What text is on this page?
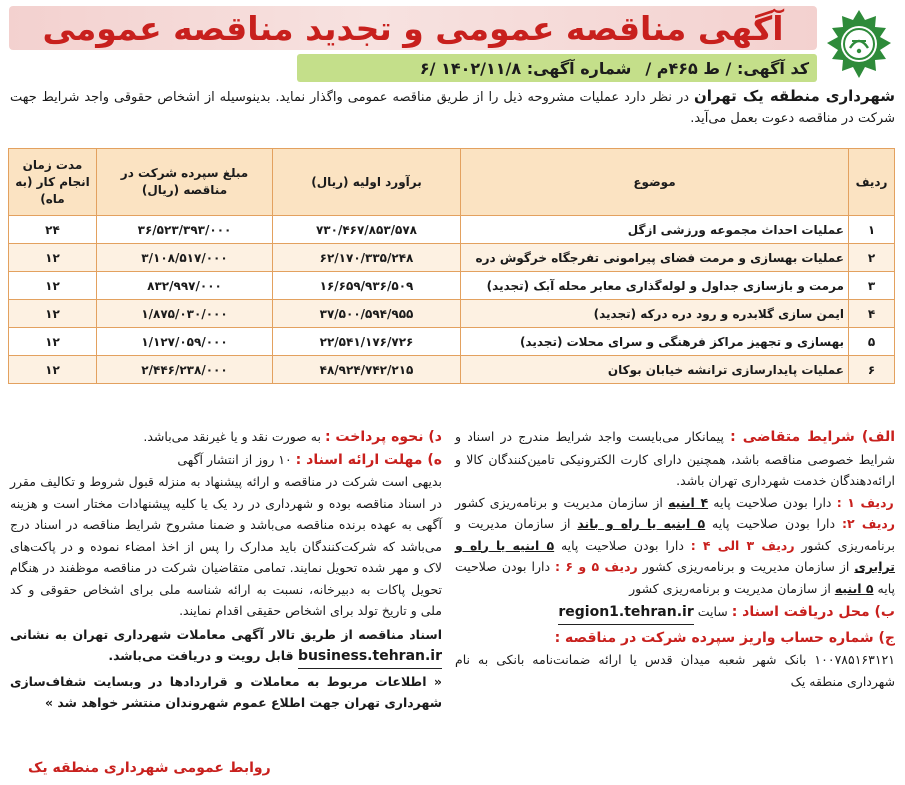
آگهی مناقصه عمومی و تجدید مناقصه عمومی
کد آگهی: / ط ۴۶۵م /
شماره آگهی: ۱۴۰۲/۱۱/۸ /۶
شهرداری منطقه یک تهران در نظر دارد عملیات مشروحه ذیل را از طریق مناقصه عمومی واگذار نماید. بدینوسیله از اشخاص حقوقی واجد شرایط جهت شرکت در مناقصه دعوت بعمل می‌آید.
ردیف	موضوع	برآورد اولیه (ریال)	مبلغ سپرده شرکت در مناقصه (ریال)	مدت زمان انجام کار (به ماه)
۱	عملیات احداث مجموعه ورزشی ازگل	۷۳۰/۴۶۷/۸۵۳/۵۷۸	۳۶/۵۲۳/۳۹۳/۰۰۰	۲۴
۲	عملیات بهسازی و مرمت فضای پیرامونی تفرجگاه خرگوش دره	۶۲/۱۷۰/۳۳۵/۲۴۸	۳/۱۰۸/۵۱۷/۰۰۰	۱۲
۳	مرمت و بازسازی جداول و لوله‌گذاری معابر محله آبک (تجدید)	۱۶/۶۵۹/۹۳۶/۵۰۹	۸۳۲/۹۹۷/۰۰۰	۱۲
۴	ایمن سازی گلابدره و رود دره درکه (تجدید)	۳۷/۵۰۰/۵۹۴/۹۵۵	۱/۸۷۵/۰۳۰/۰۰۰	۱۲
۵	بهسازی و تجهیز مراکز فرهنگی و سرای محلات (تجدید)	۲۲/۵۴۱/۱۷۶/۷۲۶	۱/۱۲۷/۰۵۹/۰۰۰	۱۲
۶	عملیات پایدارسازی ترانشه خیابان بوکان	۴۸/۹۲۴/۷۴۲/۲۱۵	۲/۴۴۶/۲۳۸/۰۰۰	۱۲
الف) شرایط متقاضی : پیمانکار می‌بایست واجد شرایط مندرج در اسناد و شرایط خصوصی مناقصه باشد، همچنین دارای کارت الکترونیکی تامین‌کنندگان کالا و ارائه‌دهندگان خدمت شهرداری تهران باشد.
ردیف ۱ : دارا بودن صلاحیت پایه ۴ ابنیه از سازمان مدیریت و برنامه‌ریزی کشور ردیف ۲: دارا بودن صلاحیت پایه ۵ ابنیه یا راه و باند از سازمان مدیریت و برنامه‌ریزی کشور ردیف ۳ الی ۴ : دارا بودن صلاحیت پایه ۵ ابنیه یا راه و ترابری از سازمان مدیریت و برنامه‌ریزی کشور ردیف ۵ و ۶ : دارا بودن صلاحیت پایه ۵ ابنیه از سازمان مدیریت و برنامه‌ریزی کشور
ب) محل دریافت اسناد : سایت region1.tehran.ir
ج) شماره حساب واریز سپرده شرکت در مناقصه :
۱۰۰۷۸۵۱۶۳۱۲۱ بانک شهر شعبه میدان قدس یا ارائه ضمانت‌نامه بانکی به نام شهرداری منطقه یک
د) نحوه پرداخت : به صورت نقد و یا غیرنقد می‌باشد.
ه) مهلت ارائه اسناد : ۱۰ روز از انتشار آگهی
بدیهی است شرکت در مناقصه و ارائه پیشنهاد به منزله قبول شروط و تکالیف مقرر در اسناد مناقصه بوده و شهرداری در رد یک یا کلیه پیشنهادات مختار است و هزینه آگهی به عهده برنده مناقصه می‌باشد و ضمنا مشروح شرایط مناقصه در اسناد درج می‌باشد که شرکت‌کنندگان باید مدارک را پس از اخذ امضاء نموده و در پاکت‌های لاک و مهر شده تحویل نمایند. تمامی متقاضیان شرکت در مناقصه موظفند در هنگام تحویل پاکات به دبیرخانه، نسبت به ارائه شناسه ملی برای اشخاص حقوقی و کد ملی و تاریخ تولد برای اشخاص حقیقی اقدام نمایند.
اسناد مناقصه از طریق تالار آگهی معاملات شهرداری تهران به نشانی business.tehran.ir قابل رویت و دریافت می‌باشد.
« اطلاعات مربوط به معاملات و قراردادها در وبسایت شفاف‌سازی شهرداری تهران جهت اطلاع عموم شهروندان منتشر خواهد شد »
روابط عمومی شهرداری منطقه یک
